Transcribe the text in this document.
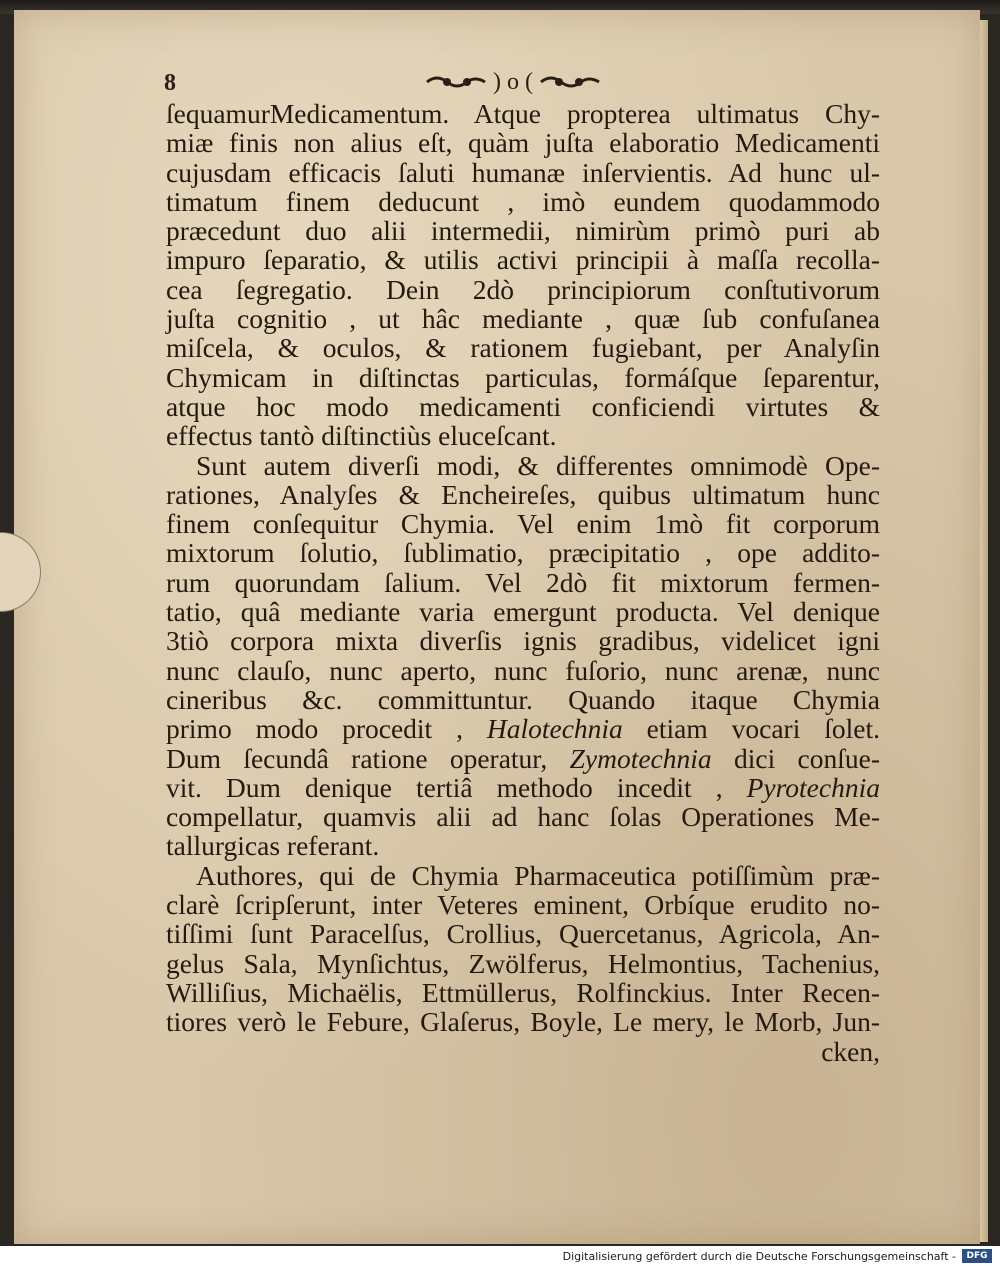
8	) o (
ſequamurMedicamentum. Atque propterea ultimatus Chy-
miæ finis non alius eſt, quàm juſta elaboratio Medicamenti
cujusdam efficacis ſaluti humanæ inſervientis. Ad hunc ul-
timatum finem deducunt , imò eundem quodammodo
præcedunt duo alii intermedii, nimirùm primò puri ab
impuro ſeparatio, & utilis activi principii à maſſa recolla-
cea ſegregatio. Dein 2dò principiorum conſtutivorum
juſta cognitio , ut hâc mediante , quæ ſub confuſanea
miſcela, & oculos, & rationem fugiebant, per Analyſin
Chymicam in diſtinctas particulas, formáſque ſeparentur,
atque hoc modo medicamenti conficiendi virtutes &
effectus tantò diſtinctiùs eluceſcant.
Sunt autem diverſi modi, & differentes omnimodè Ope-
rationes, Analyſes & Encheireſes, quibus ultimatum hunc
finem conſequitur Chymia. Vel enim 1mò fit corporum
mixtorum ſolutio, ſublimatio, præcipitatio , ope addito-
rum quorundam ſalium. Vel 2dò fit mixtorum fermen-
tatio, quâ mediante varia emergunt producta. Vel denique
3tiò corpora mixta diverſis ignis gradibus, videlicet igni
nunc clauſo, nunc aperto, nunc fuſorio, nunc arenæ, nunc
cineribus &c. committuntur. Quando itaque Chymia
primo modo procedit , Halotechnia etiam vocari ſolet.
Dum ſecundâ ratione operatur, Zymotechnia dici conſue-
vit. Dum denique tertiâ methodo incedit , Pyrotechnia
compellatur, quamvis alii ad hanc ſolas Operationes Me-
tallurgicas referant.
Authores, qui de Chymia Pharmaceutica potiſſimùm præ-
clarè ſcripſerunt, inter Veteres eminent, Orbíque erudito no-
tiſſimi ſunt Paracelſus, Crollius, Quercetanus, Agricola, An-
gelus Sala, Mynſichtus, Zwölferus, Helmontius, Tachenius,
Williſius, Michaëlis, Ettmüllerus, Rolfinckius. Inter Recen-
tiores verò le Febure, Glaſerus, Boyle, Le mery, le Morb, Jun-
cken,
Digitalisierung gefördert durch die Deutsche Forschungsgemeinschaft -	DFG
